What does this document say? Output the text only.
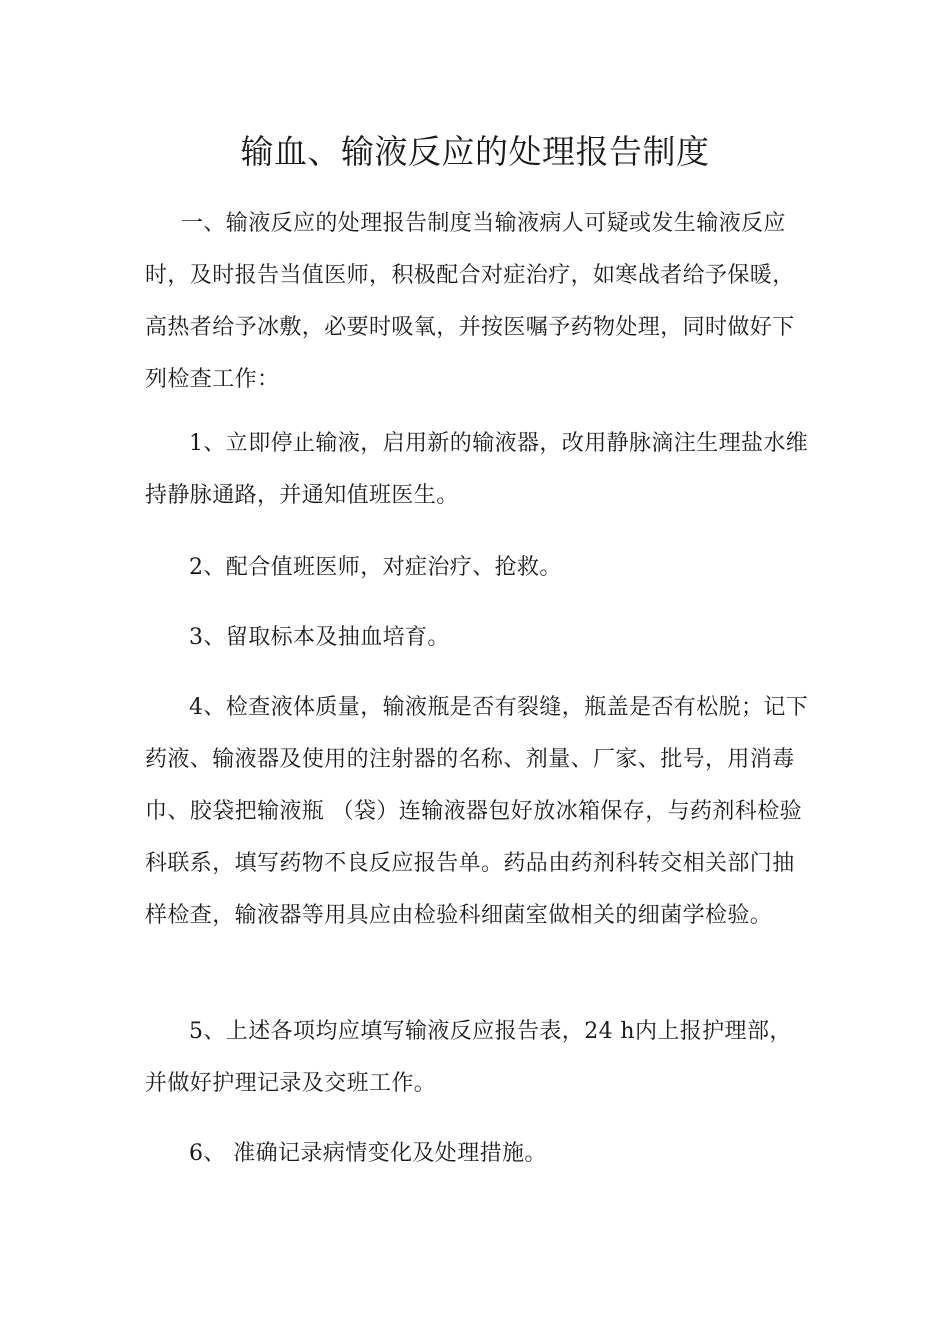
输血、输液反应的处理报告制度

一、输液反应的处理报告制度当输液病人可疑或发生输液反应时，及时报告当值医师，积极配合对症治疗，如寒战者给予保暖，高热者给予冰敷，必要时吸氧，并按医嘱予药物处理，同时做好下列检查工作：

1、立即停止输液，启用新的输液器，改用静脉滴注生理盐水维持静脉通路，并通知值班医生。

2、配合值班医师，对症治疗、抢救。

3、留取标本及抽血培育。

4、检查液体质量，输液瓶是否有裂缝，瓶盖是否有松脱；记下药液、输液器及使用的注射器的名称、剂量、厂家、批号，用消毒巾、胶袋把输液瓶 （袋）连输液器包好放冰箱保存，与药剂科检验科联系，填写药物不良反应报告单。药品由药剂科转交相关部门抽样检查，输液器等用具应由检验科细菌室做相关的细菌学检验。

5、上述各项均应填写输液反应报告表，24 h内上报护理部，并做好护理记录及交班工作。

6、 准确记录病情变化及处理措施。
